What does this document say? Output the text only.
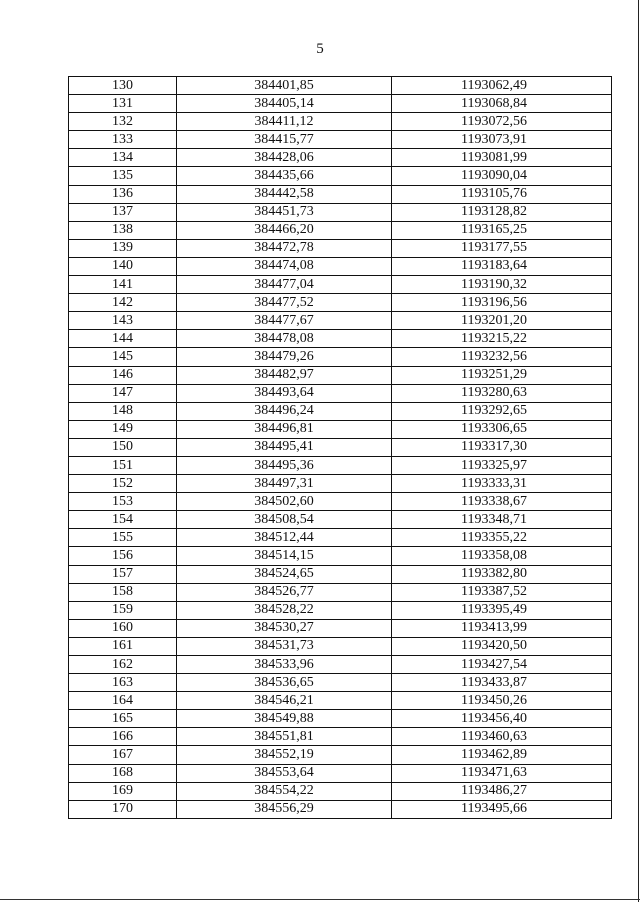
5
130	384401,85	1193062,49
131	384405,14	1193068,84
132	384411,12	1193072,56
133	384415,77	1193073,91
134	384428,06	1193081,99
135	384435,66	1193090,04
136	384442,58	1193105,76
137	384451,73	1193128,82
138	384466,20	1193165,25
139	384472,78	1193177,55
140	384474,08	1193183,64
141	384477,04	1193190,32
142	384477,52	1193196,56
143	384477,67	1193201,20
144	384478,08	1193215,22
145	384479,26	1193232,56
146	384482,97	1193251,29
147	384493,64	1193280,63
148	384496,24	1193292,65
149	384496,81	1193306,65
150	384495,41	1193317,30
151	384495,36	1193325,97
152	384497,31	1193333,31
153	384502,60	1193338,67
154	384508,54	1193348,71
155	384512,44	1193355,22
156	384514,15	1193358,08
157	384524,65	1193382,80
158	384526,77	1193387,52
159	384528,22	1193395,49
160	384530,27	1193413,99
161	384531,73	1193420,50
162	384533,96	1193427,54
163	384536,65	1193433,87
164	384546,21	1193450,26
165	384549,88	1193456,40
166	384551,81	1193460,63
167	384552,19	1193462,89
168	384553,64	1193471,63
169	384554,22	1193486,27
170	384556,29	1193495,66
